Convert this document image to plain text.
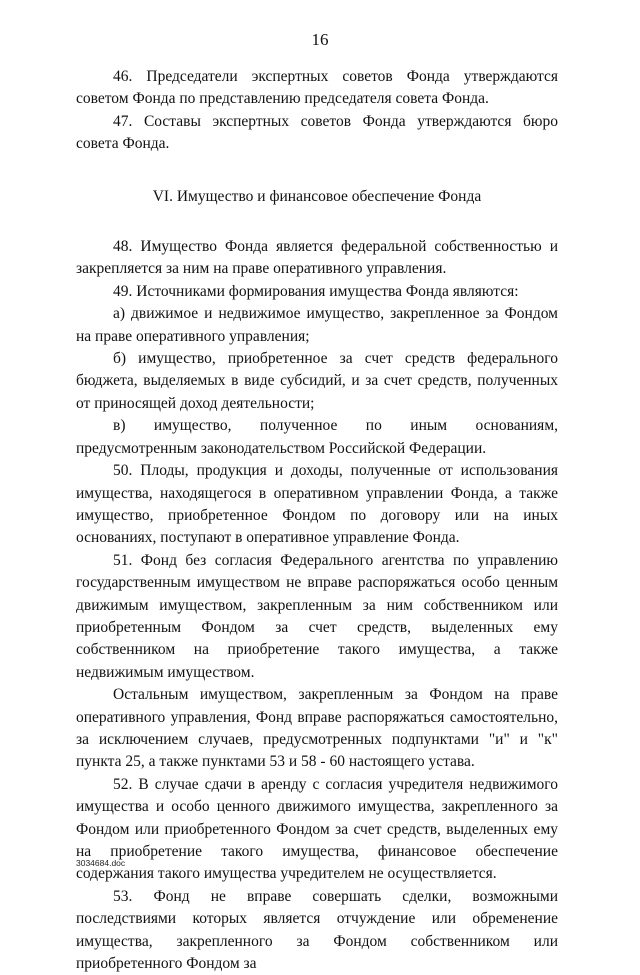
16

46. Председатели экспертных советов Фонда утверждаются советом Фонда по представлению председателя совета Фонда.

47. Составы экспертных советов Фонда утверждаются бюро совета Фонда.

VI. Имущество и финансовое обеспечение Фонда

48. Имущество Фонда является федеральной собственностью и закрепляется за ним на праве оперативного управления.

49. Источниками формирования имущества Фонда являются:

а) движимое и недвижимое имущество, закрепленное за Фондом на праве оперативного управления;

б) имущество, приобретенное за счет средств федерального бюджета, выделяемых в виде субсидий, и за счет средств, полученных от приносящей доход деятельности;

в) имущество, полученное по иным основаниям, предусмотренным законодательством Российской Федерации.

50. Плоды, продукция и доходы, полученные от использования имущества, находящегося в оперативном управлении Фонда, а также имущество, приобретенное Фондом по договору или на иных основаниях, поступают в оперативное управление Фонда.

51. Фонд без согласия Федерального агентства по управлению государственным имуществом не вправе распоряжаться особо ценным движимым имуществом, закрепленным за ним собственником или приобретенным Фондом за счет средств, выделенных ему собственником на приобретение такого имущества, а также недвижимым имуществом.

Остальным имуществом, закрепленным за Фондом на праве оперативного управления, Фонд вправе распоряжаться самостоятельно, за исключением случаев, предусмотренных подпунктами "и" и "к" пункта 25, а также пунктами 53 и 58 - 60 настоящего устава.

52. В случае сдачи в аренду с согласия учредителя недвижимого имущества и особо ценного движимого имущества, закрепленного за Фондом или приобретенного Фондом за счет средств, выделенных ему на приобретение такого имущества, финансовое обеспечение содержания такого имущества учредителем не осуществляется.

53. Фонд не вправе совершать сделки, возможными последствиями которых является отчуждение или обременение имущества, закрепленного за Фондом собственником или приобретенного Фондом за

3034684.doc
